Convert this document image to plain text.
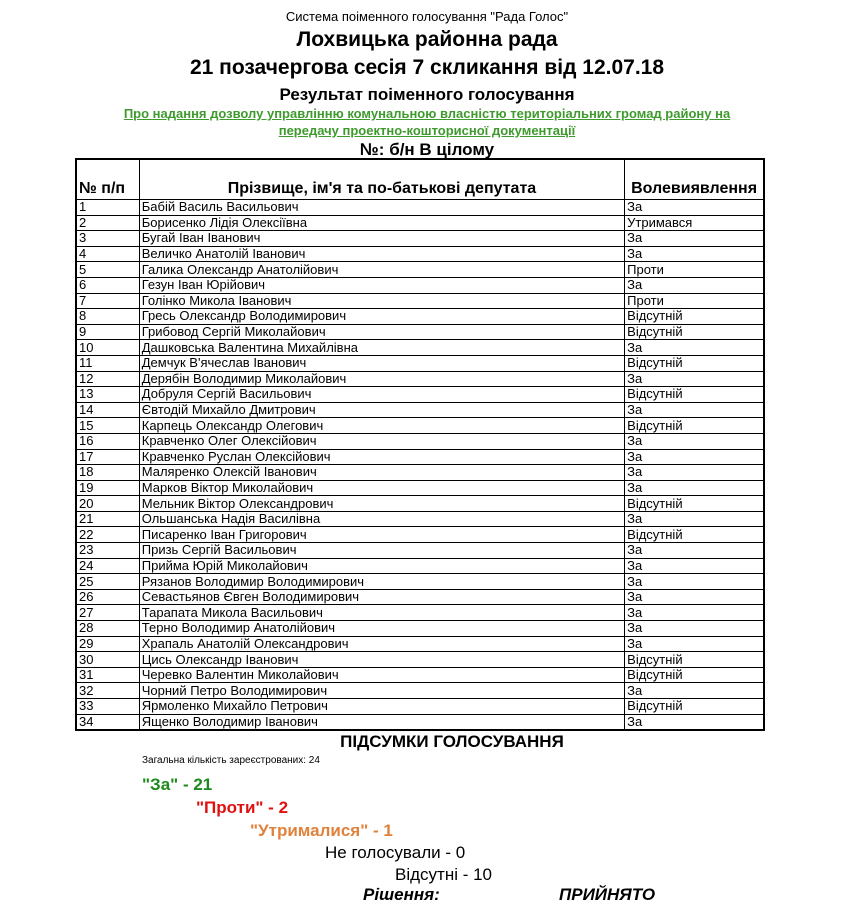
Система поіменного голосування "Рада Голос"
Лохвицька районна рада
21 позачергова сесія 7 скликання від 12.07.18
Результат поіменного голосування
Про надання дозволу управлінню комунальною власністю територіальних громад району на передачу проектно-кошторисної документації
№: б/н В цілому
№ п/п	Прізвище, ім'я та по-батькові депутата	Волевиявлення
1	Бабій Василь Васильович	За
2	Борисенко Лідія Олексіївна	Утримався
3	Бугай Іван Іванович	За
4	Величко Анатолій Іванович	За
5	Галика Олександр Анатолійович	Проти
6	Гезун Іван Юрійович	За
7	Голінко Микола Іванович	Проти
8	Гресь Олександр Володимирович	Відсутній
9	Грибовод Сергій Миколайович	Відсутній
10	Дашковська Валентина Михайлівна	За
11	Демчук В'ячеслав Іванович	Відсутній
12	Дерябін Володимир Миколайович	За
13	Добруля Сергій Васильович	Відсутній
14	Євтодій Михайло Дмитрович	За
15	Карпець Олександр Олегович	Відсутній
16	Кравченко Олег Олексійович	За
17	Кравченко Руслан Олексійович	За
18	Маляренко Олексій Іванович	За
19	Марков Віктор Миколайович	За
20	Мельник Віктор Олександрович	Відсутній
21	Ольшанська Надія Василівна	За
22	Писаренко Іван Григорович	Відсутній
23	Призь Сергій Васильович	За
24	Прийма Юрій Миколайович	За
25	Рязанов Володимир Володимирович	За
26	Севастьянов Євген Володимирович	За
27	Тарапата Микола Васильович	За
28	Терно Володимир Анатолійович	За
29	Храпаль Анатолій Олександрович	За
30	Цись Олександр Іванович	Відсутній
31	Черевко Валентин Миколайович	Відсутній
32	Чорний Петро Володимирович	За
33	Ярмоленко Михайло Петрович	Відсутній
34	Ященко Володимир Іванович	За
ПІДСУМКИ ГОЛОСУВАННЯ
Загальна кількість зареєстрованих: 24
"За" - 21
"Проти" - 2
"Утрималися" - 1
Не голосували - 0
Відсутні - 10
Рішення:	ПРИЙНЯТО
